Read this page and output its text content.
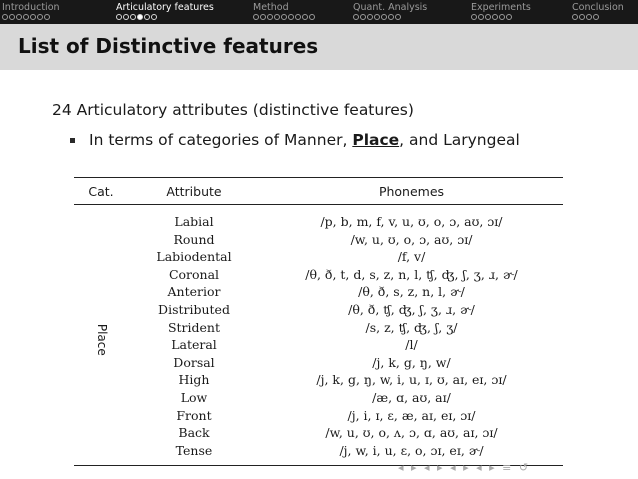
Introduction	Articulatory features	Method	Quant. Analysis	Experiments	Conclusion
List of Distinctive features
24 Articulatory attributes (distinctive features)
In terms of categories of Manner, Place, and Laryngeal
Cat.	Attribute	Phonemes
Place	Labial	/p, b, m, f, v, u, ʊ, o, ɔ, aʊ, ɔɪ/
	Round	/w, u, ʊ, o, ɔ, aʊ, ɔɪ/
	Labiodental	/f, v/
	Coronal	/θ, ð, t, d, s, z, n, l, ʧ, ʤ, ʃ, ʒ, ɹ, ɚ/
	Anterior	/θ, ð, s, z, n, l, ɚ/
	Distributed	/θ, ð, ʧ, ʤ, ʃ, ʒ, ɹ, ɚ/
	Strident	/s, z, ʧ, ʤ, ʃ, ʒ/
	Lateral	/l/
	Dorsal	/j, k, g, ŋ, w/
	High	/j, k, g, ŋ, w, i, u, ɪ, ʊ, aɪ, eɪ, ɔɪ/
	Low	/æ, ɑ, aʊ, aɪ/
	Front	/j, i, ɪ, ɛ, æ, aɪ, eɪ, ɔɪ/
	Back	/w, u, ʊ, o, ʌ, ɔ, ɑ, aʊ, aɪ, ɔɪ/
	Tense	/j, w, i, u, ɛ, o, ɔɪ, eɪ, ɚ/
◂ ▸ ◂ ▸ ◂ ▸ ◂ ▸ ≡ ↺
